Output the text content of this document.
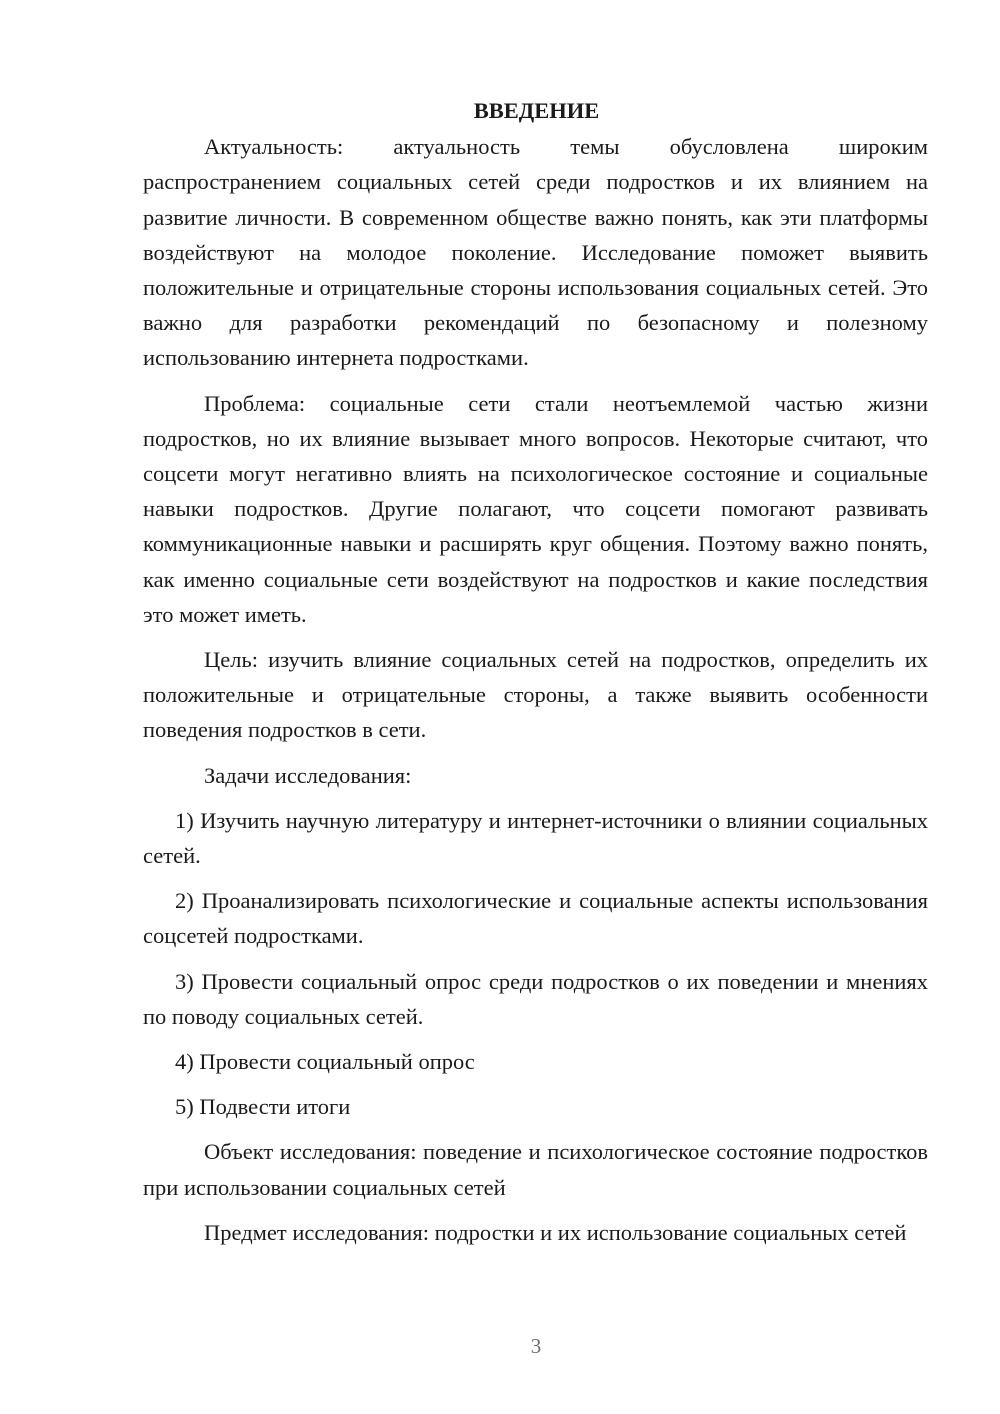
ВВЕДЕНИЕ

Актуальность: актуальность темы обусловлена широким распространением социальных сетей среди подростков и их влиянием на развитие личности. В современном обществе важно понять, как эти платформы воздействуют на молодое поколение. Исследование поможет выявить положительные и отрицательные стороны использования социальных сетей. Это важно для разработки рекомендаций по безопасному и полезному использованию интернета подростками.

Проблема: социальные сети стали неотъемлемой частью жизни подростков, но их влияние вызывает много вопросов. Некоторые считают, что соцсети могут негативно влиять на психологическое состояние и социальные навыки подростков. Другие полагают, что соцсети помогают развивать коммуникационные навыки и расширять круг общения. Поэтому важно понять, как именно социальные сети воздействуют на подростков и какие последствия это может иметь.

Цель: изучить влияние социальных сетей на подростков, определить их положительные и отрицательные стороны, а также выявить особенности поведения подростков в сети.

Задачи исследования:

1) Изучить научную литературу и интернет-источники о влиянии социальных сетей.

2) Проанализировать психологические и социальные аспекты использования соцсетей подростками.

3) Провести социальный опрос среди подростков о их поведении и мнениях по поводу социальных сетей.

4) Провести социальный опрос

5) Подвести итоги

Объект исследования: поведение и психологическое состояние подростков при использовании социальных сетей

Предмет исследования: подростки и их использование социальных сетей

3
